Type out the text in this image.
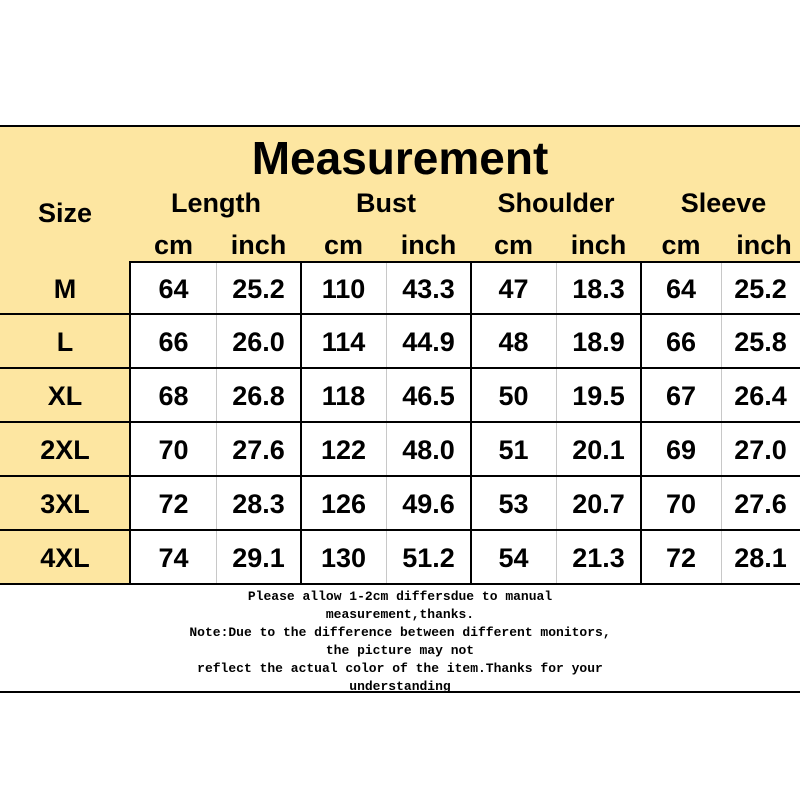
Measurement
Size	Length	Bust	Shoulder	Sleeve
cm	inch	cm	inch	cm	inch	cm	inch
M	64	25.2	110	43.3	47	18.3	64	25.2
L	66	26.0	114	44.9	48	18.9	66	25.8
XL	68	26.8	118	46.5	50	19.5	67	26.4
2XL	70	27.6	122	48.0	51	20.1	69	27.0
3XL	72	28.3	126	49.6	53	20.7	70	27.6
4XL	74	29.1	130	51.2	54	21.3	72	28.1
Please allow 1-2cm differsdue to manual
measurement,thanks.
Note:Due to the difference between different monitors,
the picture may not
reflect the actual color of the item.Thanks for your
understanding
